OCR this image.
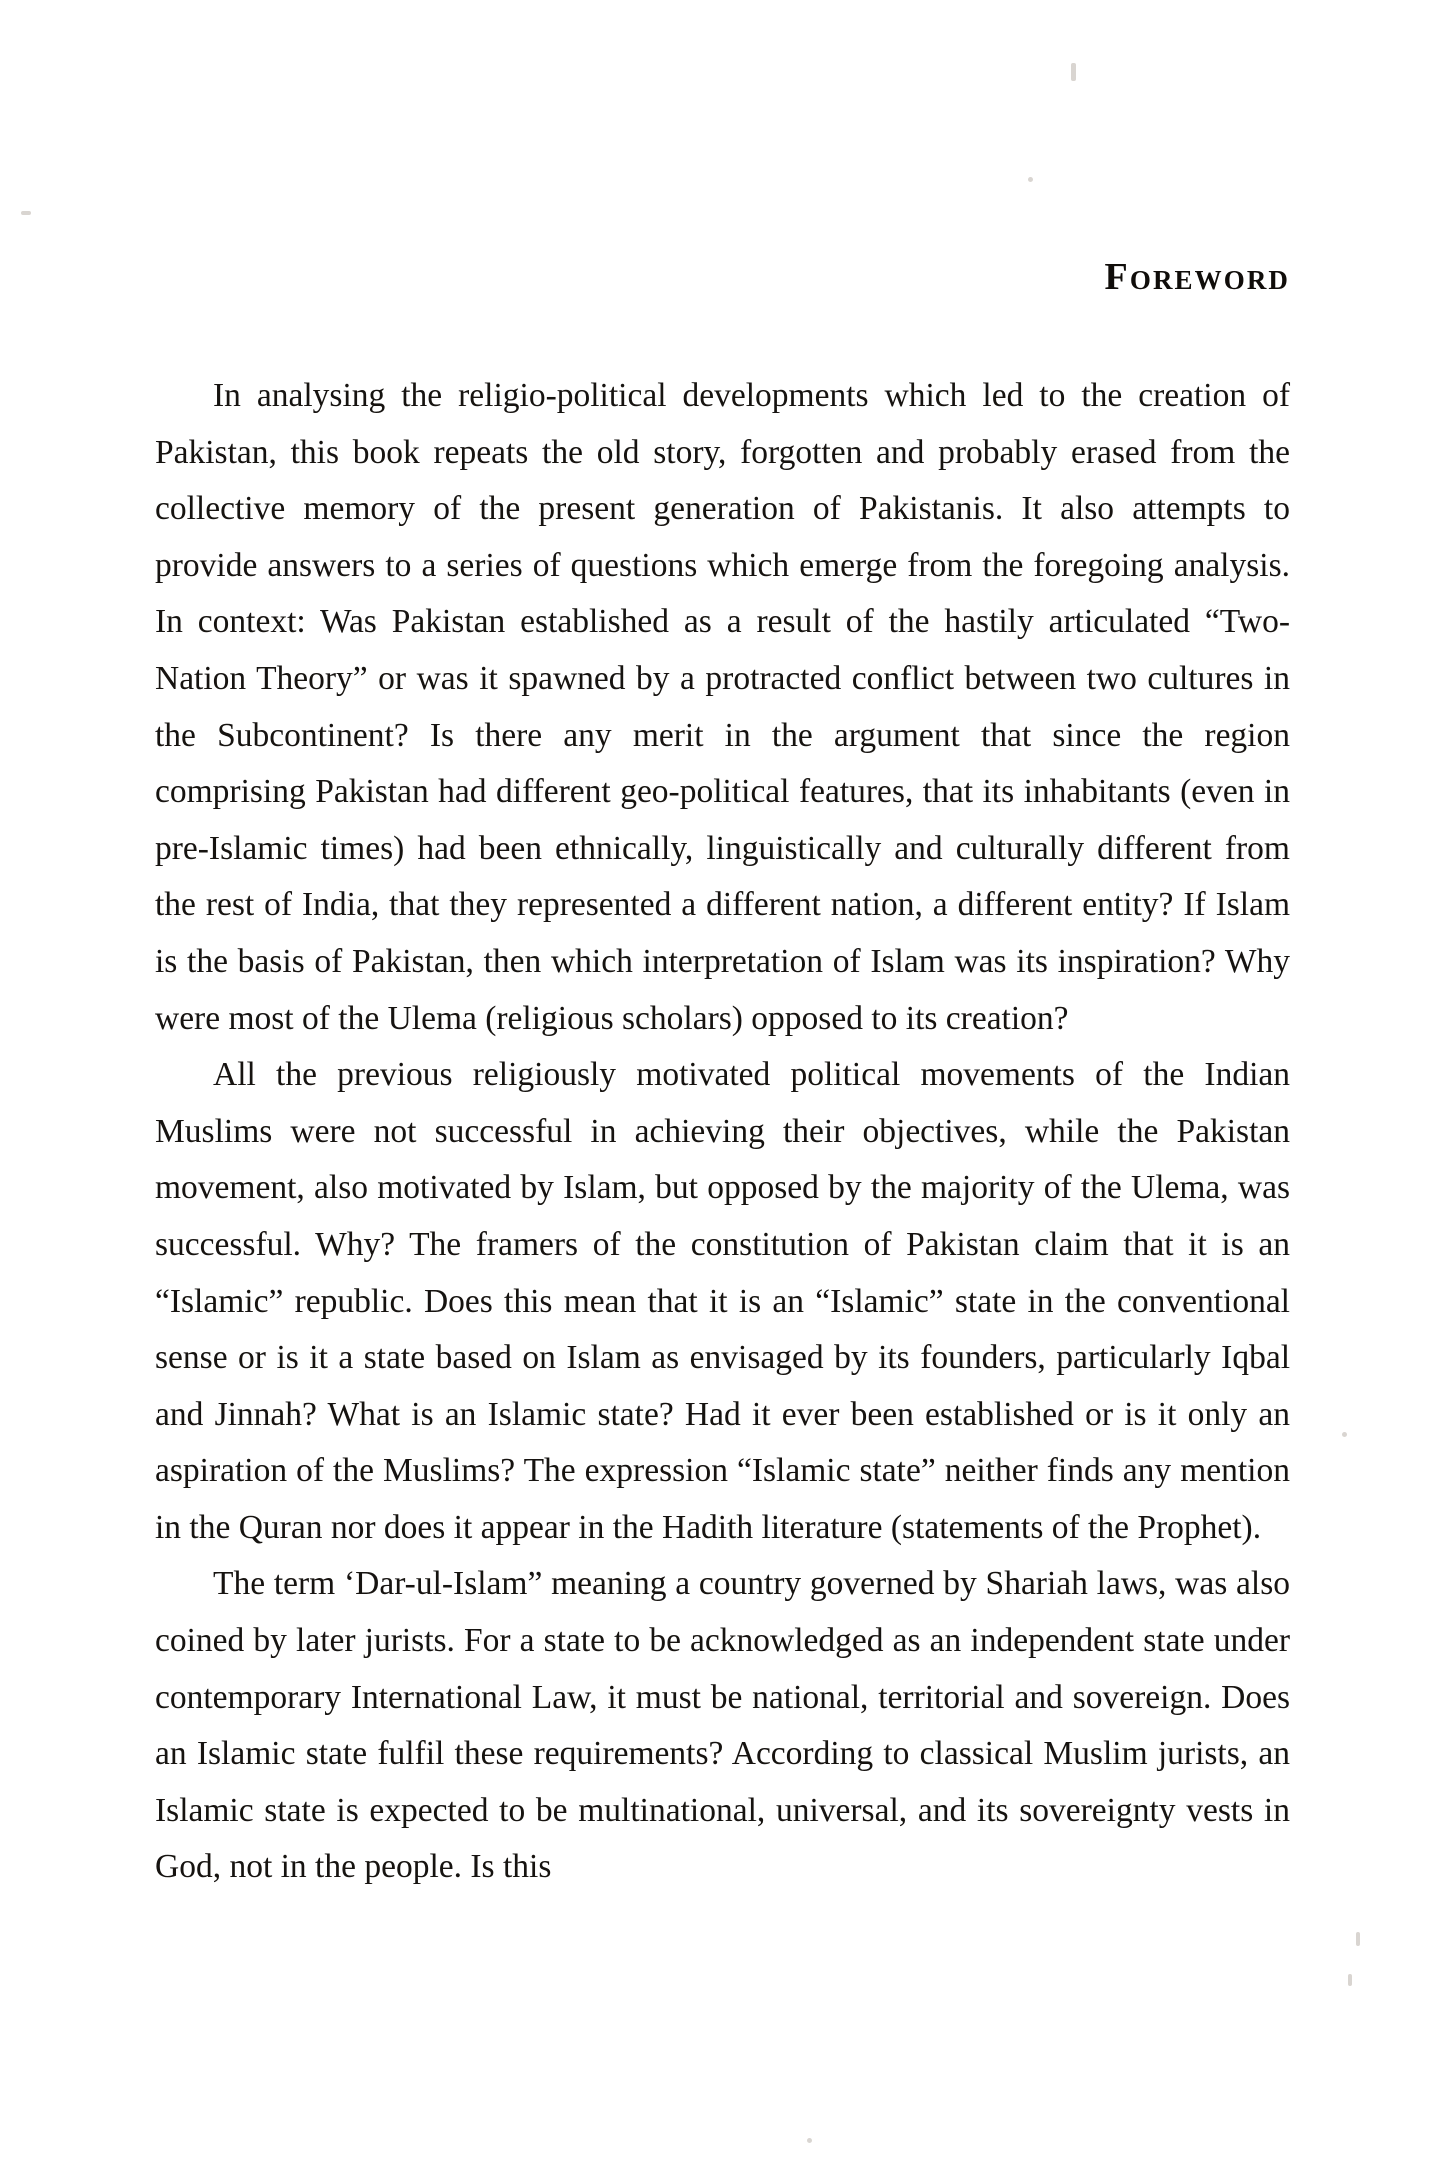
Foreword

In analysing the religio-political developments which led to the creation of Pakistan, this book repeats the old story, forgotten and probably erased from the collective memory of the present generation of Pakistanis. It also attempts to provide answers to a series of questions which emerge from the foregoing analysis. In context: Was Pakistan established as a result of the hastily articulated “Two-Nation Theory” or was it spawned by a protracted conflict between two cultures in the Subcontinent? Is there any merit in the argument that since the region comprising Pakistan had different geo-political features, that its inhabitants (even in pre-Islamic times) had been ethnically, linguistically and culturally different from the rest of India, that they represented a different nation, a different entity? If Islam is the basis of Pakistan, then which interpretation of Islam was its inspiration? Why were most of the Ulema (religious scholars) opposed to its creation?

All the previous religiously motivated political movements of the Indian Muslims were not successful in achieving their objectives, while the Pakistan movement, also motivated by Islam, but opposed by the majority of the Ulema, was successful. Why? The framers of the constitution of Pakistan claim that it is an “Islamic” republic. Does this mean that it is an “Islamic” state in the conventional sense or is it a state based on Islam as envisaged by its founders, particularly Iqbal and Jinnah? What is an Islamic state? Had it ever been established or is it only an aspiration of the Muslims? The expression “Islamic state” neither finds any mention in the Quran nor does it appear in the Hadith literature (statements of the Prophet).

The term ‘Dar-ul-Islam” meaning a country governed by Shariah laws, was also coined by later jurists. For a state to be acknowledged as an independent state under contemporary International Law, it must be national, territorial and sovereign. Does an Islamic state fulfil these requirements? According to classical Muslim jurists, an Islamic state is expected to be multinational, universal, and its sovereignty vests in God, not in the people. Is this
